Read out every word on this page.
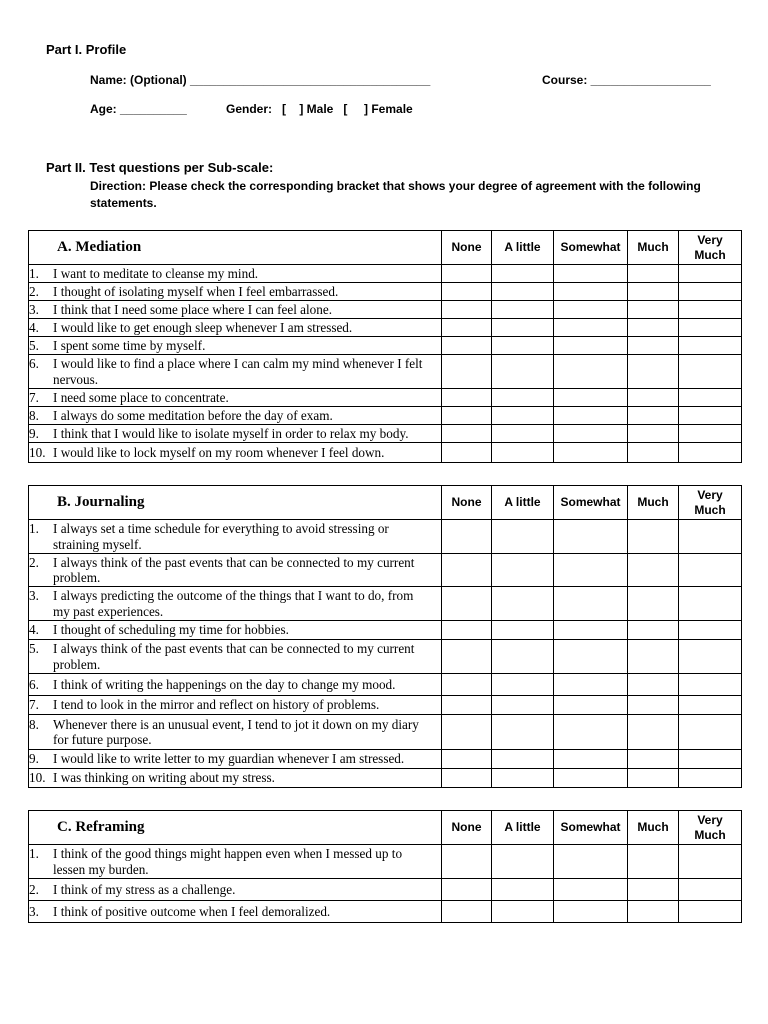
Part I. Profile
Name: (Optional) ____________________________________	Course: __________________
Age: __________	Gender:   [    ] Male   [     ] Female
Part II. Test questions per Sub-scale:
Direction: Please check the corresponding bracket that shows your degree of agreement with the following statements.
A. Mediation	None	A little	Somewhat	Much	Very Much
1. I want to meditate to cleanse my mind.					
2. I thought of isolating myself when I feel embarrassed.					
3. I think that I need some place where I can feel alone.					
4. I would like to get enough sleep whenever I am stressed.					
5. I spent some time by myself.					
6. I would like to find a place where I can calm my mind whenever I felt nervous.					
7. I need some place to concentrate.					
8. I always do some meditation before the day of exam.					
9. I think that I would like to isolate myself in order to relax my body.					
10. I would like to lock myself on my room whenever I feel down.					
B. Journaling	None	A little	Somewhat	Much	Very Much
1. I always set a time schedule for everything to avoid stressing or straining myself.					
2. I always think of the past events that can be connected to my current problem.					
3. I always predicting the outcome of the things that I want to do, from my past experiences.					
4. I thought of scheduling my time for hobbies.					
5. I always think of the past events that can be connected to my current problem.					
6. I think of writing the happenings on the day to change my mood.					
7. I tend to look in the mirror and reflect on history of problems.					
8. Whenever there is an unusual event, I tend to jot it down on my diary for future purpose.					
9. I would like to write letter to my guardian whenever I am stressed.					
10. I was thinking on writing about my stress.					
C. Reframing	None	A little	Somewhat	Much	Very Much
1. I think of the good things might happen even when I messed up to lessen my burden.					
2. I think of my stress as a challenge.					
3. I think of positive outcome when I feel demoralized.					
